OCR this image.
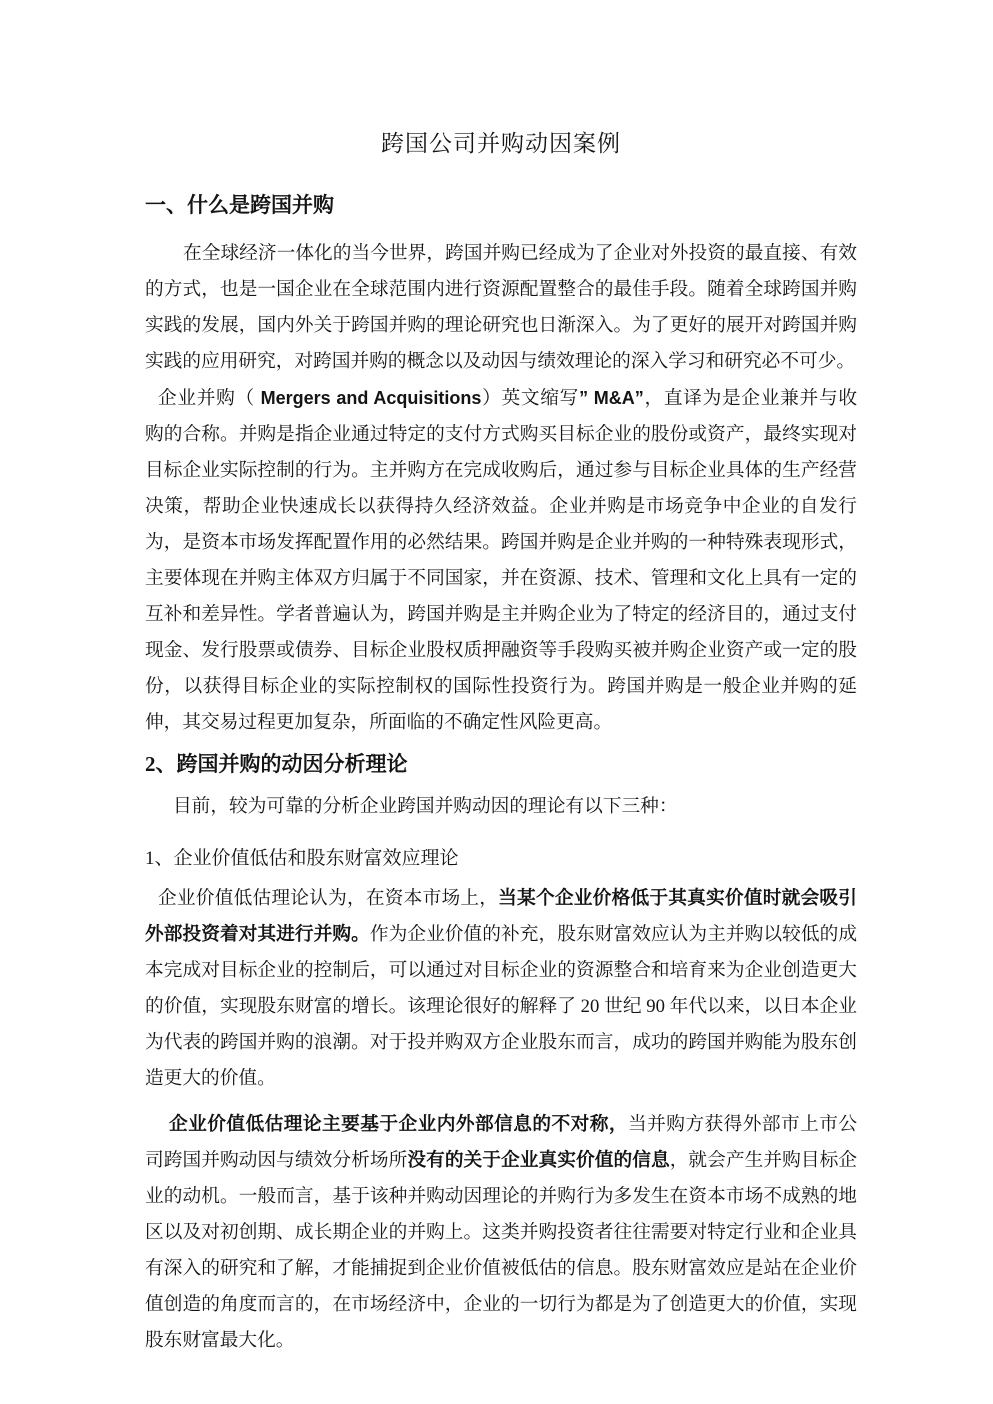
跨国公司并购动因案例
一、什么是跨国并购
在全球经济一体化的当今世界，跨国并购已经成为了企业对外投资的最直接、有效的方式，也是一国企业在全球范围内进行资源配置整合的最佳手段。随着全球跨国并购实践的发展，国内外关于跨国并购的理论研究也日渐深入。为了更好的展开对跨国并购实践的应用研究，对跨国并购的概念以及动因与绩效理论的深入学习和研究必不可少。
企业并购（ Mergers and Acquisitions）英文缩写” M&A”，直译为是企业兼并与收购的合称。并购是指企业通过特定的支付方式购买目标企业的股份或资产，最终实现对目标企业实际控制的行为。主并购方在完成收购后，通过参与目标企业具体的生产经营决策，帮助企业快速成长以获得持久经济效益。企业并购是市场竞争中企业的自发行为，是资本市场发挥配置作用的必然结果。跨国并购是企业并购的一种特殊表现形式，主要体现在并购主体双方归属于不同国家，并在资源、技术、管理和文化上具有一定的互补和差异性。学者普遍认为，跨国并购是主并购企业为了特定的经济目的，通过支付现金、发行股票或债券、目标企业股权质押融资等手段购买被并购企业资产或一定的股份，以获得目标企业的实际控制权的国际性投资行为。跨国并购是一般企业并购的延伸，其交易过程更加复杂，所面临的不确定性风险更高。
2、跨国并购的动因分析理论
目前，较为可靠的分析企业跨国并购动因的理论有以下三种：
1、企业价值低估和股东财富效应理论
企业价值低估理论认为，在资本市场上，当某个企业价格低于其真实价值时就会吸引外部投资着对其进行并购。作为企业价值的补充，股东财富效应认为主并购以较低的成本完成对目标企业的控制后，可以通过对目标企业的资源整合和培育来为企业创造更大的价值，实现股东财富的增长。该理论很好的解释了 20 世纪 90 年代以来，以日本企业为代表的跨国并购的浪潮。对于投并购双方企业股东而言，成功的跨国并购能为股东创造更大的价值。
企业价值低估理论主要基于企业内外部信息的不对称，当并购方获得外部市上市公司跨国并购动因与绩效分析场所没有的关于企业真实价值的信息，就会产生并购目标企业的动机。一般而言，基于该种并购动因理论的并购行为多发生在资本市场不成熟的地区以及对初创期、成长期企业的并购上。这类并购投资者往往需要对特定行业和企业具有深入的研究和了解，才能捕捉到企业价值被低估的信息。股东财富效应是站在企业价值创造的角度而言的，在市场经济中，企业的一切行为都是为了创造更大的价值，实现股东财富最大化。
